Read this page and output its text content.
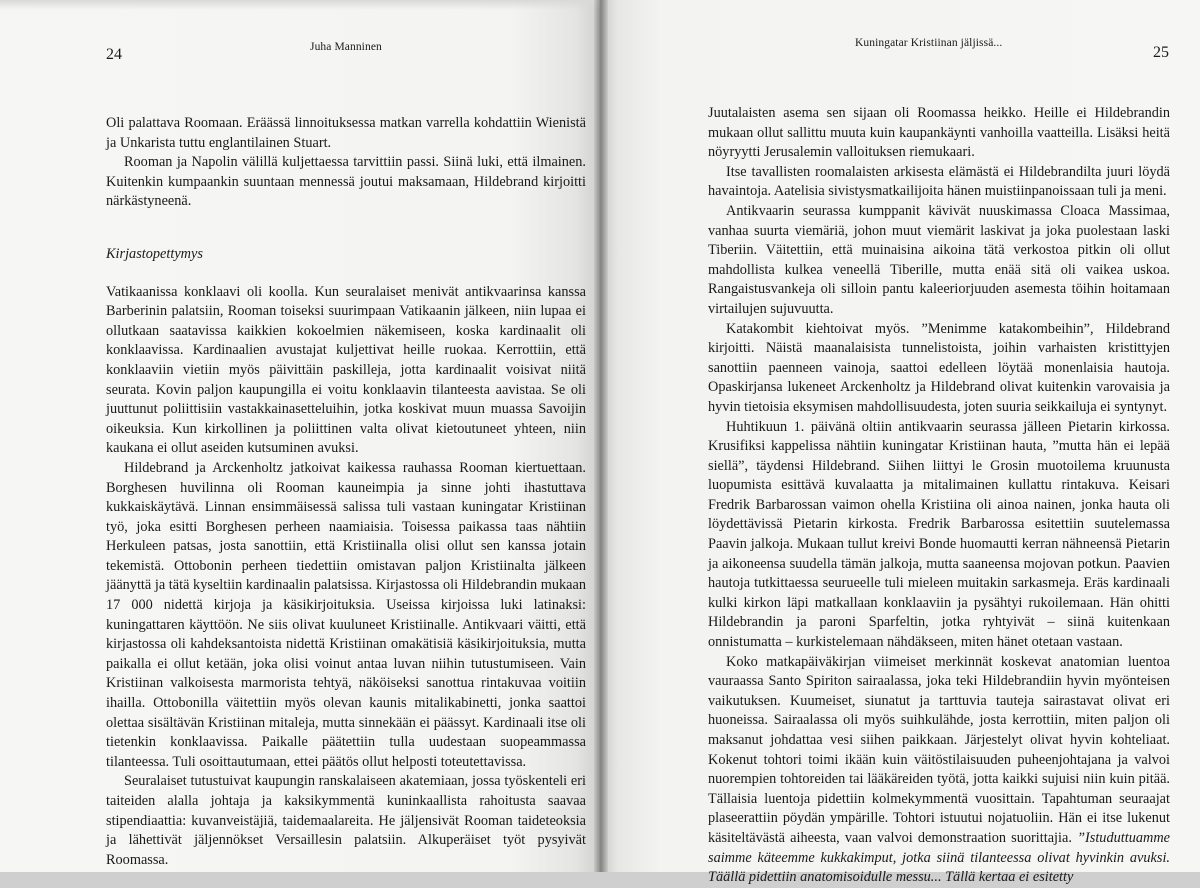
24	Juha Manninen

Oli palattava Roomaan. Eräässä linnoituksessa matkan varrella kohdattiin Wienistä ja Unkarista tuttu englantilainen Stuart.

Rooman ja Napolin välillä kuljettaessa tarvittiin passi. Siinä luki, että ilmainen. Kuitenkin kumpaankin suuntaan mennessä joutui maksamaan, Hildebrand kirjoitti närkästyneenä.

Kirjastopettymys

Vatikaanissa konklaavi oli koolla. Kun seuralaiset menivät antikvaarinsa kanssa Barberinin palatsiin, Rooman toiseksi suurimpaan Vatikaanin jälkeen, niin lupaa ei ollutkaan saatavissa kaikkien kokoelmien näkemiseen, koska kardinaalit oli konklaavissa. Kardinaalien avustajat kuljettivat heille ruokaa. Kerrottiin, että konklaaviin vietiin myös päivittäin paskilleja, jotta kardinaalit voisivat niitä seurata. Kovin paljon kaupungilla ei voitu konklaavin tilanteesta aavistaa. Se oli juuttunut poliittisiin vastakkainasetteluihin, jotka koskivat muun muassa Savoijin oikeuksia. Kun kirkollinen ja poliittinen valta olivat kietoutuneet yhteen, niin kaukana ei ollut aseiden kutsuminen avuksi.

Hildebrand ja Arckenholtz jatkoivat kaikessa rauhassa Rooman kiertuettaan. Borghesen huvilinna oli Rooman kauneimpia ja sinne johti ihastuttava kukkaiskäytävä. Linnan ensimmäisessä salissa tuli vastaan kuningatar Kristiinan työ, joka esitti Borghesen perheen naamiaisia. Toisessa paikassa taas nähtiin Herkuleen patsas, josta sanottiin, että Kristiinalla olisi ollut sen kanssa jotain tekemistä. Ottobonin perheen tiedettiin omistavan paljon Kristiinalta jälkeen jäänyttä ja tätä kyseltiin kardinaalin palatsissa. Kirjastossa oli Hildebrandin mukaan 17 000 nidettä kirjoja ja käsikirjoituksia. Useissa kirjoissa luki latinaksi: kuningattaren käyttöön. Ne siis olivat kuuluneet Kristiinalle. Antikvaari väitti, että kirjastossa oli kahdeksantoista nidettä Kristiinan omakätisiä käsikirjoituksia, mutta paikalla ei ollut ketään, joka olisi voinut antaa luvan niihin tutustumiseen. Vain Kristiinan valkoisesta marmorista tehtyä, näköiseksi sanottua rintakuvaa voitiin ihailla. Ottobonilla väitettiin myös olevan kaunis mitalikabinetti, jonka saattoi olettaa sisältävän Kristiinan mitaleja, mutta sinnekään ei päässyt. Kardinaali itse oli tietenkin konklaavissa. Paikalle päätettiin tulla uudestaan suopeammassa tilanteessa. Tuli osoittautumaan, ettei päätös ollut helposti toteutettavissa.

Seuralaiset tutustuivat kaupungin ranskalaiseen akatemiaan, jossa työskenteli eri taiteiden alalla johtaja ja kaksikymmentä kuninkaallista rahoitusta saavaa stipendiaattia: kuvanveistäjiä, taidemaalareita. He jäljensivät Rooman taideteoksia ja lähettivät jäljennökset Versaillesin palatsiin. Alkuperäiset työt pysyivät Roomassa.

Kuningatar Kristiinan jäljissä...
25

Juutalaisten asema sen sijaan oli Roomassa heikko. Heille ei Hildebrandin mukaan ollut sallittu muuta kuin kaupankäynti vanhoilla vaatteilla. Lisäksi heitä nöyryytti Jerusalemin valloituksen riemukaari.

Itse tavallisten roomalaisten arkisesta elämästä ei Hildebrandilta juuri löydä havaintoja. Aatelisia sivistysmatkailijoita hänen muistiinpanoissaan tuli ja meni.

Antikvaarin seurassa kumppanit kävivät nuuskimassa Cloaca Massimaa, vanhaa suurta viemäriä, johon muut viemärit laskivat ja joka puolestaan laski Tiberiin. Väitettiin, että muinaisina aikoina tätä verkostoa pitkin oli ollut mahdollista kulkea veneellä Tiberille, mutta enää sitä oli vaikea uskoa. Rangaistusvankeja oli silloin pantu kaleeriorjuuden asemesta töihin hoitamaan virtailujen sujuvuutta.

Katakombit kiehtoivat myös. ”Menimme katakombeihin”, Hildebrand kirjoitti. Näistä maanalaisista tunnelistoista, joihin varhaisten kristittyjen sanottiin paenneen vainoja, saattoi edelleen löytää monenlaisia hautoja. Opaskirjansa lukeneet Arckenholtz ja Hildebrand olivat kuitenkin varovaisia ja hyvin tietoisia eksymisen mahdollisuudesta, joten suuria seikkailuja ei syntynyt.

Huhtikuun 1. päivänä oltiin antikvaarin seurassa jälleen Pietarin kirkossa. Krusifiksi kappelissa nähtiin kuningatar Kristiinan hauta, ”mutta hän ei lepää siellä”, täydensi Hildebrand. Siihen liittyi le Grosin muotoilema kruunusta luopumista esittävä kuvalaatta ja mitalimainen kullattu rintakuva. Keisari Fredrik Barbarossan vaimon ohella Kristiina oli ainoa nainen, jonka hauta oli löydettävissä Pietarin kirkosta. Fredrik Barbarossa esitettiin suutelemassa Paavin jalkoja. Mukaan tullut kreivi Bonde huomautti kerran nähneensä Pietarin ja aikoneensa suudella tämän jalkoja, mutta saaneensa mojovan potkun. Paavien hautoja tutkittaessa seurueelle tuli mieleen muitakin sarkasmeja. Eräs kardinaali kulki kirkon läpi matkallaan konklaaviin ja pysähtyi rukoilemaan. Hän ohitti Hildebrandin ja paroni Sparfeltin, jotka ryhtyivät – siinä kuitenkaan onnistumatta – kurkistelemaan nähdäkseen, miten hänet otetaan vastaan.

Koko matkapäiväkirjan viimeiset merkinnät koskevat anatomian luentoa vauraassa Santo Spiriton sairaalassa, joka teki Hildebrandiin hyvin myönteisen vaikutuksen. Kuumeiset, siunatut ja tarttuvia tauteja sairastavat olivat eri huoneissa. Sairaalassa oli myös suihkulähde, josta kerrottiin, miten paljon oli maksanut johdattaa vesi siihen paikkaan. Järjestelyt olivat hyvin kohteliaat. Kokenut tohtori toimi ikään kuin väitöstilaisuuden puheenjohtajana ja valvoi nuorempien tohtoreiden tai lääkäreiden työtä, jotta kaikki sujuisi niin kuin pitää. Tällaisia luentoja pidettiin kolmekymmentä vuosittain. Tapahtuman seuraajat plaseerattiin pöydän ympärille. Tohtori istuutui nojatuoliin. Hän ei itse lukenut käsiteltävästä aiheesta, vaan valvoi demonstraation suorittajia. ”Istuduttuamme saimme käteemme kukkakimput, jotka siinä tilanteessa olivat hyvinkin avuksi. Täällä pidettiin anatomisoidulle messu... Tällä kertaa ei esitetty
